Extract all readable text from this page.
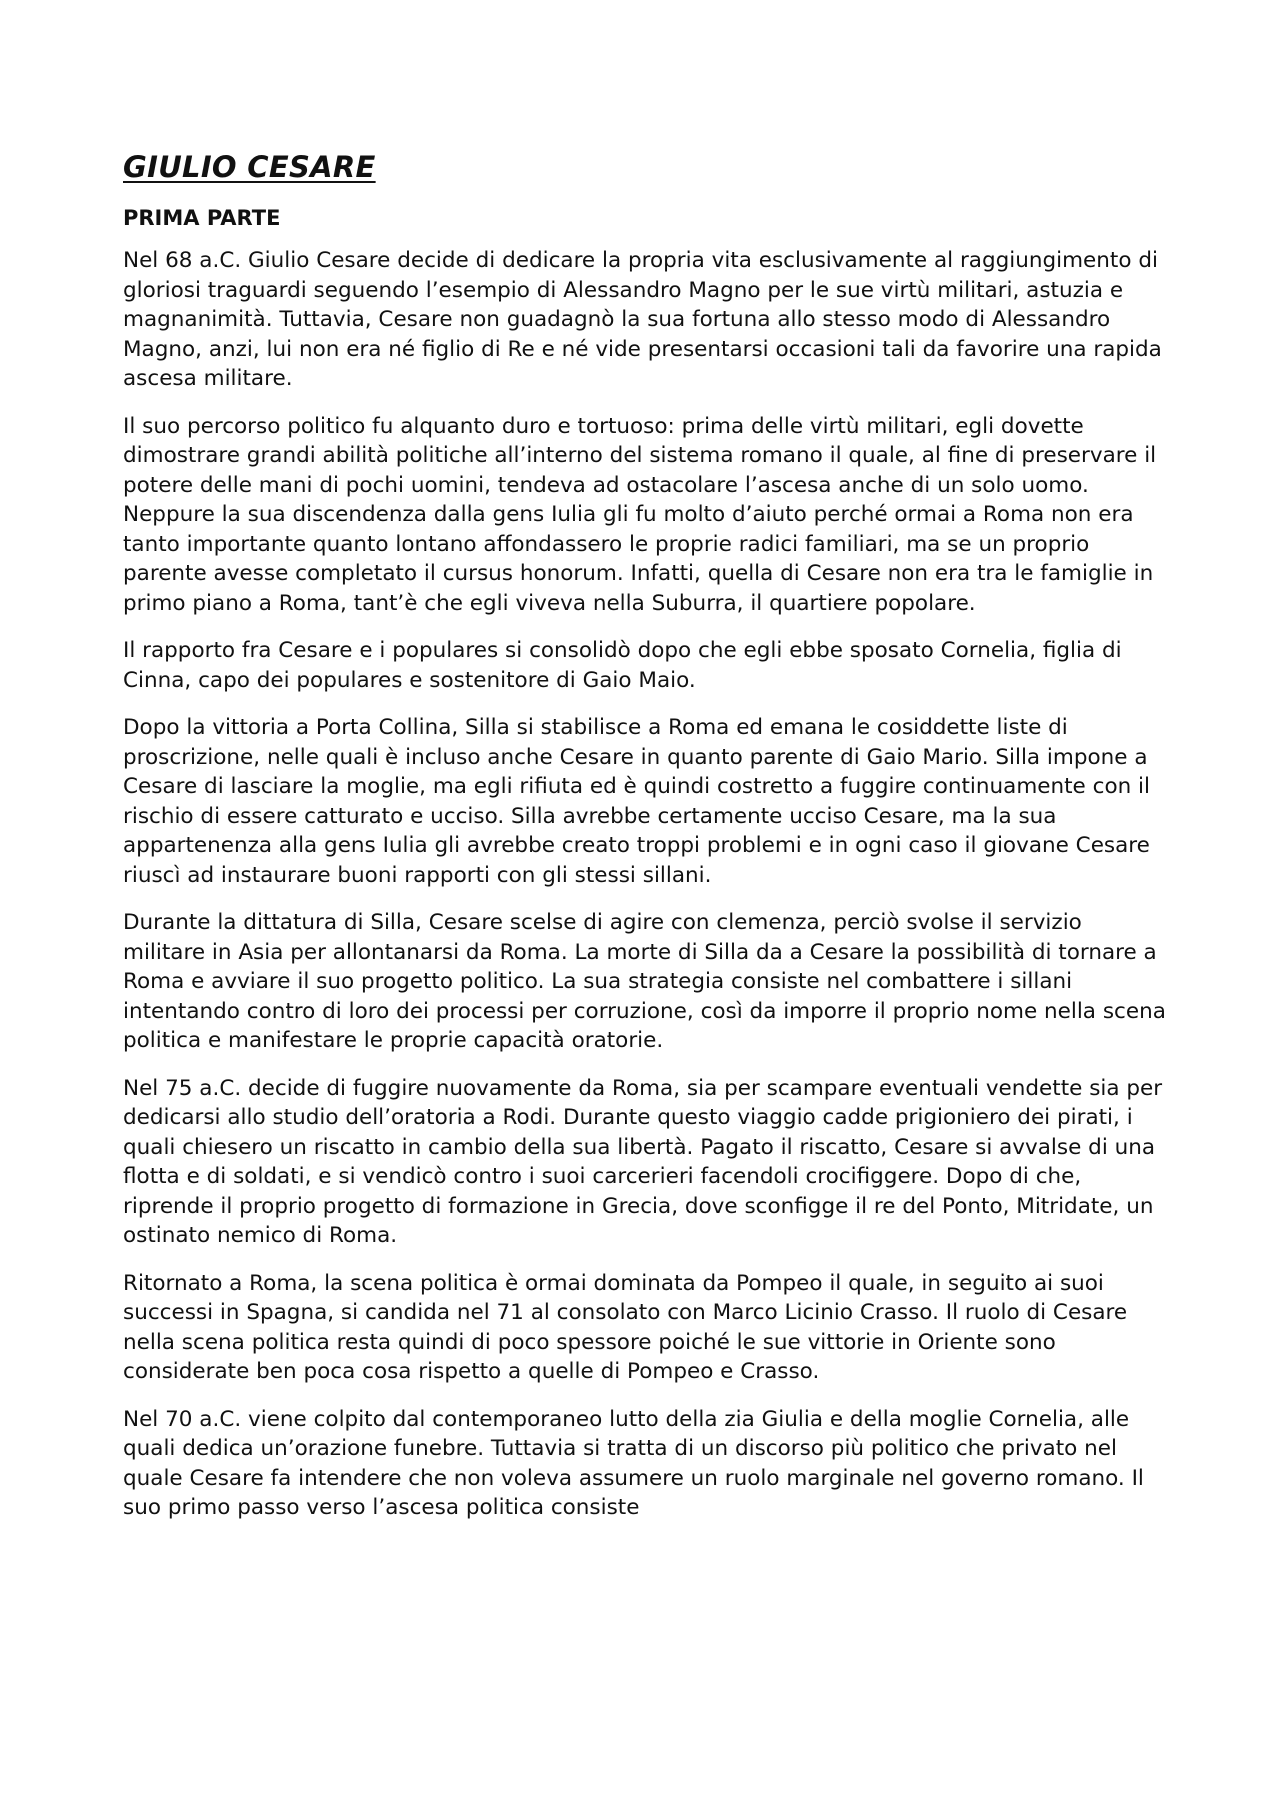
GIULIO CESARE
PRIMA PARTE

Nel 68 a.C. Giulio Cesare decide di dedicare la propria vita esclusivamente al raggiungimento di gloriosi traguardi seguendo l’esempio di Alessandro Magno per le sue virtù militari, astuzia e magnanimità. Tuttavia, Cesare non guadagnò la sua fortuna allo stesso modo di Alessandro Magno, anzi, lui non era né figlio di Re e né vide presentarsi occasioni tali da favorire una rapida ascesa militare.

Il suo percorso politico fu alquanto duro e tortuoso: prima delle virtù militari, egli dovette dimostrare grandi abilità politiche all’interno del sistema romano il quale, al fine di preservare il potere delle mani di pochi uomini, tendeva ad ostacolare l’ascesa anche di un solo uomo. Neppure la sua discendenza dalla gens Iulia gli fu molto d’aiuto perché ormai a Roma non era tanto importante quanto lontano affondassero le proprie radici familiari, ma se un proprio parente avesse completato il cursus honorum. Infatti, quella di Cesare non era tra le famiglie in primo piano a Roma, tant’è che egli viveva nella Suburra, il quartiere popolare.

Il rapporto fra Cesare e i populares si consolidò dopo che egli ebbe sposato Cornelia, figlia di Cinna, capo dei populares e sostenitore di Gaio Maio.

Dopo la vittoria a Porta Collina, Silla si stabilisce a Roma ed emana le cosiddette liste di proscrizione, nelle quali è incluso anche Cesare in quanto parente di Gaio Mario. Silla impone a Cesare di lasciare la moglie, ma egli rifiuta ed è quindi costretto a fuggire continuamente con il rischio di essere catturato e ucciso. Silla avrebbe certamente ucciso Cesare, ma la sua appartenenza alla gens Iulia gli avrebbe creato troppi problemi e in ogni caso il giovane Cesare riuscì ad instaurare buoni rapporti con gli stessi sillani.

Durante la dittatura di Silla, Cesare scelse di agire con clemenza, perciò svolse il servizio militare in Asia per allontanarsi da Roma. La morte di Silla da a Cesare la possibilità di tornare a Roma e avviare il suo progetto politico. La sua strategia consiste nel combattere i sillani intentando contro di loro dei processi per corruzione, così da imporre il proprio nome nella scena politica e manifestare le proprie capacità oratorie.

Nel 75 a.C. decide di fuggire nuovamente da Roma, sia per scampare eventuali vendette sia per dedicarsi allo studio dell’oratoria a Rodi. Durante questo viaggio cadde prigioniero dei pirati, i quali chiesero un riscatto in cambio della sua libertà. Pagato il riscatto, Cesare si avvalse di una flotta e di soldati, e si vendicò contro i suoi carcerieri facendoli crocifiggere. Dopo di che, riprende il proprio progetto di formazione in Grecia, dove sconfigge il re del Ponto, Mitridate, un ostinato nemico di Roma.

Ritornato a Roma, la scena politica è ormai dominata da Pompeo il quale, in seguito ai suoi successi in Spagna, si candida nel 71 al consolato con Marco Licinio Crasso. Il ruolo di Cesare nella scena politica resta quindi di poco spessore poiché le sue vittorie in Oriente sono considerate ben poca cosa rispetto a quelle di Pompeo e Crasso.

Nel 70 a.C. viene colpito dal contemporaneo lutto della zia Giulia e della moglie Cornelia, alle quali dedica un’orazione funebre. Tuttavia si tratta di un discorso più politico che privato nel quale Cesare fa intendere che non voleva assumere un ruolo marginale nel governo romano. Il suo primo passo verso l’ascesa politica consiste
